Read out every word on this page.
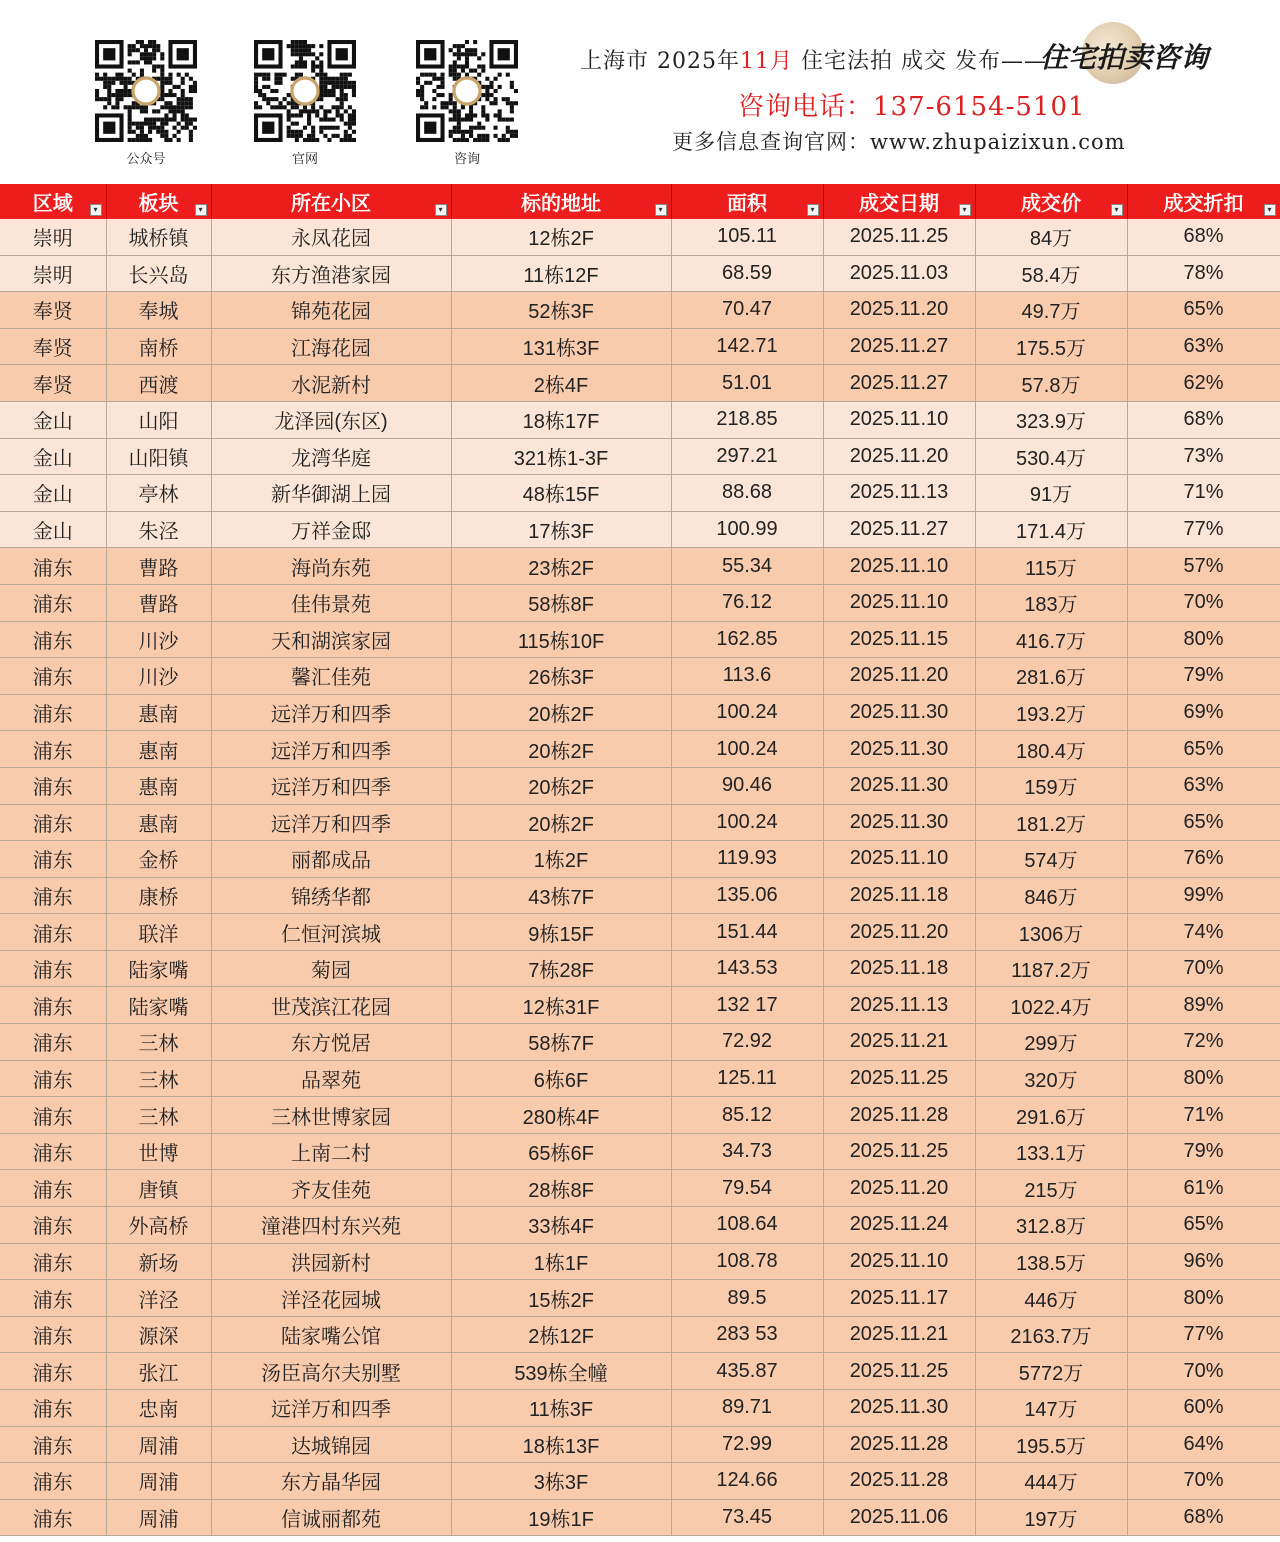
公众号	官网	咨询
上海市 2025年11月 住宅法拍 成交 发布——
住宅拍卖咨询
咨询电话：137-6154-5101
更多信息查询官网：www.zhupaizixun.com
区域 ▾	板块 ▾	所在小区 ▾	标的地址 ▾	面积 ▾	成交日期 ▾	成交价 ▾	成交折扣 ▾

崇明	城桥镇	永凤花园	12栋2F	105.11	2025.11.25	84万	68%
崇明	长兴岛	东方渔港家园	11栋12F	68.59	2025.11.03	58.4万	78%
奉贤	奉城	锦苑花园	52栋3F	70.47	2025.11.20	49.7万	65%
奉贤	南桥	江海花园	131栋3F	142.71	2025.11.27	175.5万	63%
奉贤	西渡	水泥新村	2栋4F	51.01	2025.11.27	57.8万	62%
金山	山阳	龙泽园(东区)	18栋17F	218.85	2025.11.10	323.9万	68%
金山	山阳镇	龙湾华庭	321栋1-3F	297.21	2025.11.20	530.4万	73%
金山	亭林	新华御湖上园	48栋15F	88.68	2025.11.13	91万	71%
金山	朱泾	万祥金邸	17栋3F	100.99	2025.11.27	171.4万	77%
浦东	曹路	海尚东苑	23栋2F	55.34	2025.11.10	115万	57%
浦东	曹路	佳伟景苑	58栋8F	76.12	2025.11.10	183万	70%
浦东	川沙	天和湖滨家园	115栋10F	162.85	2025.11.15	416.7万	80%
浦东	川沙	馨汇佳苑	26栋3F	113.6	2025.11.20	281.6万	79%
浦东	惠南	远洋万和四季	20栋2F	100.24	2025.11.30	193.2万	69%
浦东	惠南	远洋万和四季	20栋2F	100.24	2025.11.30	180.4万	65%
浦东	惠南	远洋万和四季	20栋2F	90.46	2025.11.30	159万	63%
浦东	惠南	远洋万和四季	20栋2F	100.24	2025.11.30	181.2万	65%
浦东	金桥	丽都成品	1栋2F	119.93	2025.11.10	574万	76%
浦东	康桥	锦绣华都	43栋7F	135.06	2025.11.18	846万	99%
浦东	联洋	仁恒河滨城	9栋15F	151.44	2025.11.20	1306万	74%
浦东	陆家嘴	菊园	7栋28F	143.53	2025.11.18	1187.2万	70%
浦东	陆家嘴	世茂滨江花园	12栋31F	132 17	2025.11.13	1022.4万	89%
浦东	三林	东方悦居	58栋7F	72.92	2025.11.21	299万	72%
浦东	三林	品翠苑	6栋6F	125.11	2025.11.25	320万	80%
浦东	三林	三林世博家园	280栋4F	85.12	2025.11.28	291.6万	71%
浦东	世博	上南二村	65栋6F	34.73	2025.11.25	133.1万	79%
浦东	唐镇	齐友佳苑	28栋8F	79.54	2025.11.20	215万	61%
浦东	外高桥	潼港四村东兴苑	33栋4F	108.64	2025.11.24	312.8万	65%
浦东	新场	洪园新村	1栋1F	108.78	2025.11.10	138.5万	96%
浦东	洋泾	洋泾花园城	15栋2F	89.5	2025.11.17	446万	80%
浦东	源深	陆家嘴公馆	2栋12F	283 53	2025.11.21	2163.7万	77%
浦东	张江	汤臣高尔夫别墅	539栋全幢	435.87	2025.11.25	5772万	70%
浦东	忠南	远洋万和四季	11栋3F	89.71	2025.11.30	147万	60%
浦东	周浦	达城锦园	18栋13F	72.99	2025.11.28	195.5万	64%
浦东	周浦	东方晶华园	3栋3F	124.66	2025.11.28	444万	70%
浦东	周浦	信诚丽都苑	19栋1F	73.45	2025.11.06	197万	68%
